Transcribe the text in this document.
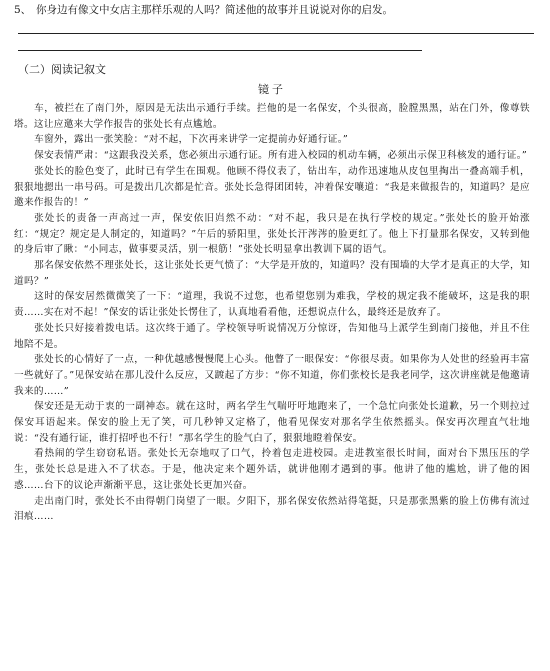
5、 你身边有像文中女店主那样乐观的人吗？简述他的故事并且说说对你的启发。
（二）阅读记叙文
镜子

车，被拦在了南门外，原因是无法出示通行手续。拦他的是一名保安，个头很高，脸膛黑黑，站在门外，像尊铁塔。这让应邀来大学作报告的张处长有点尴尬。

车窗外，露出一张笑脸：“对不起，下次再来讲学一定提前办好通行证。”

保安表情严肃：“这跟我没关系，您必须出示通行证。所有进入校园的机动车辆，必须出示保卫科核发的通行证。”

张处长的脸色变了，此时已有学生在围观。他顾不得仪表了，钻出车，动作迅速地从皮包里掏出一叠高端手机，狠狠地摁出一串号码。可是拨出几次都是忙音。张处长急得团团转，冲着保安嚷道：“我是来做报告的，知道吗？是应邀来作报告的！”

张处长的责备一声高过一声，保安依旧岿然不动：“对不起，我只是在执行学校的规定。”张处长的脸开始涨红：“规定？规定是人制定的，知道吗？”午后的骄阳里，张处长汗涔涔的脸更红了。他上下打量那名保安，又转到他的身后审了瞅：“小同志，做事要灵活，别一根筋！”张处长明显拿出教训下属的语气。

那名保安依然不理张处长，这让张处长更气愤了：“大学是开放的，知道吗？没有围墙的大学才是真正的大学，知道吗？”

这时的保安居然微微笑了一下：“道理，我说不过您，也希望您别为难我，学校的规定我不能破坏，这是我的职责……实在对不起！”保安的话让张处长愣住了，认真地看看他，还想说点什么，最终还是放弃了。

张处长只好接着拨电话。这次终于通了。学校领导听说情况万分惊讶，告知他马上派学生到南门接他，并且不住地陪不是。

张处长的心情好了一点，一种优越感慢慢爬上心头。他瞥了一眼保安：“你很尽责。如果你为人处世的经验再丰富一些就好了。”见保安站在那儿没什么反应，又踱起了方步：“你不知道，你们张校长是我老同学，这次讲座就是他邀请我来的……”

保安还是无动于衷的一副神态。就在这时，两名学生气喘吁吁地跑来了，一个急忙向张处长道歉，另一个则拉过保安耳语起来。保安的脸上无了笑，可几秒钟又定格了，他看见保安对那名学生依然摇头。保安再次理直气壮地说：“没有通行证，谁打招呼也不行！”那名学生的脸气白了，狠狠地瞪着保安。

看热闹的学生窃窃私语。张处长无奈地叹了口气，拎着包走进校园。走进教室很长时间，面对台下黑压压的学生，张处长总是进入不了状态。于是，他决定来个题外话，就讲他刚才遇到的事。他讲了他的尴尬，讲了他的困惑……台下的议论声渐渐平息，这让张处长更加兴奋。

走出南门时，张处长不由得朝门岗望了一眼。夕阳下，那名保安依然站得笔挺，只是那张黑紫的脸上仿佛有流过泪痕……
